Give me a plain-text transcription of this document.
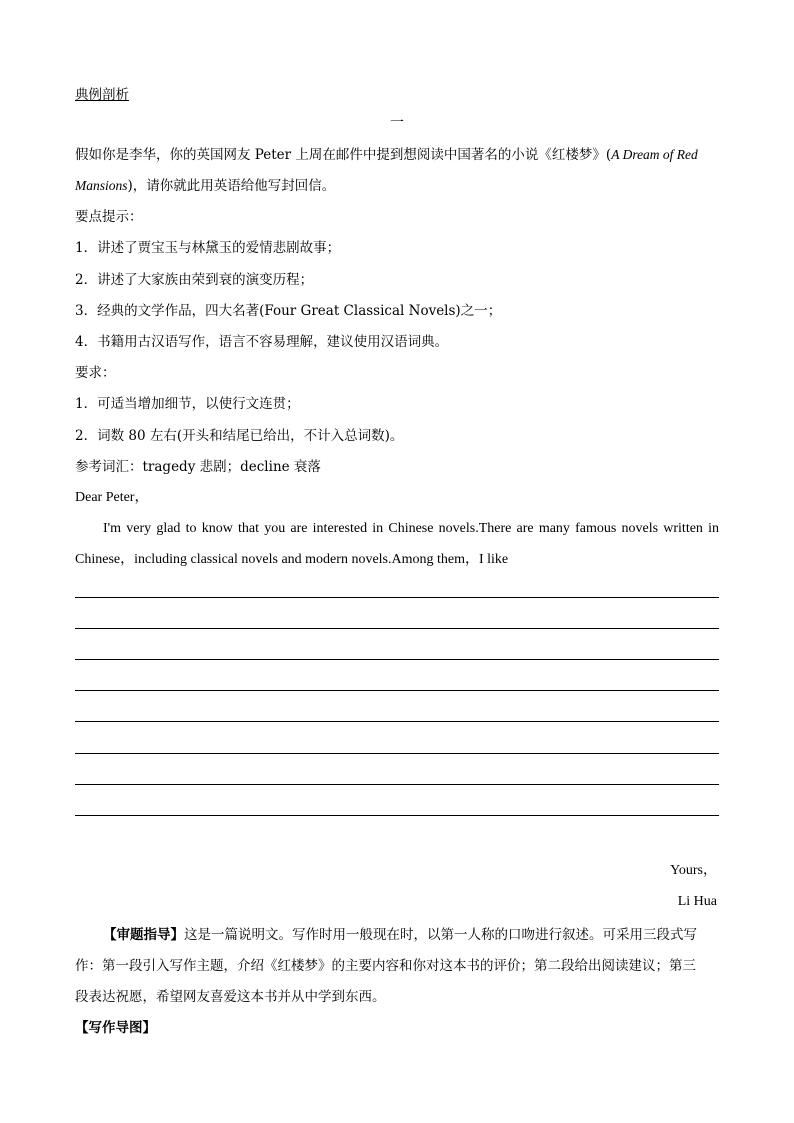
典例剖析
一
假如你是李华，你的英国网友 Peter 上周在邮件中提到想阅读中国著名的小说《红楼梦》(A Dream of Red
Mansions)，请你就此用英语给他写封回信。
要点提示：
1．讲述了贾宝玉与林黛玉的爱情悲剧故事；
2．讲述了大家族由荣到衰的演变历程；
3．经典的文学作品，四大名著(Four Great Classical Novels)之一；
4．书籍用古汉语写作，语言不容易理解，建议使用汉语词典。
要求：
1．可适当增加细节，以使行文连贯；
2．词数 80 左右(开头和结尾已给出，不计入总词数)。
参考词汇：tragedy 悲剧；decline 衰落
Dear Peter，
I'm very glad to know that you are interested in Chinese novels.There are many famous novels written in
Chinese，including classical novels and modern novels.Among them，I like
Yours，
Li Hua
【审题指导】这是一篇说明文。写作时用一般现在时，以第一人称的口吻进行叙述。可采用三段式写
作：第一段引入写作主题，介绍《红楼梦》的主要内容和你对这本书的评价；第二段给出阅读建议；第三
段表达祝愿，希望网友喜爱这本书并从中学到东西。
【写作导图】
